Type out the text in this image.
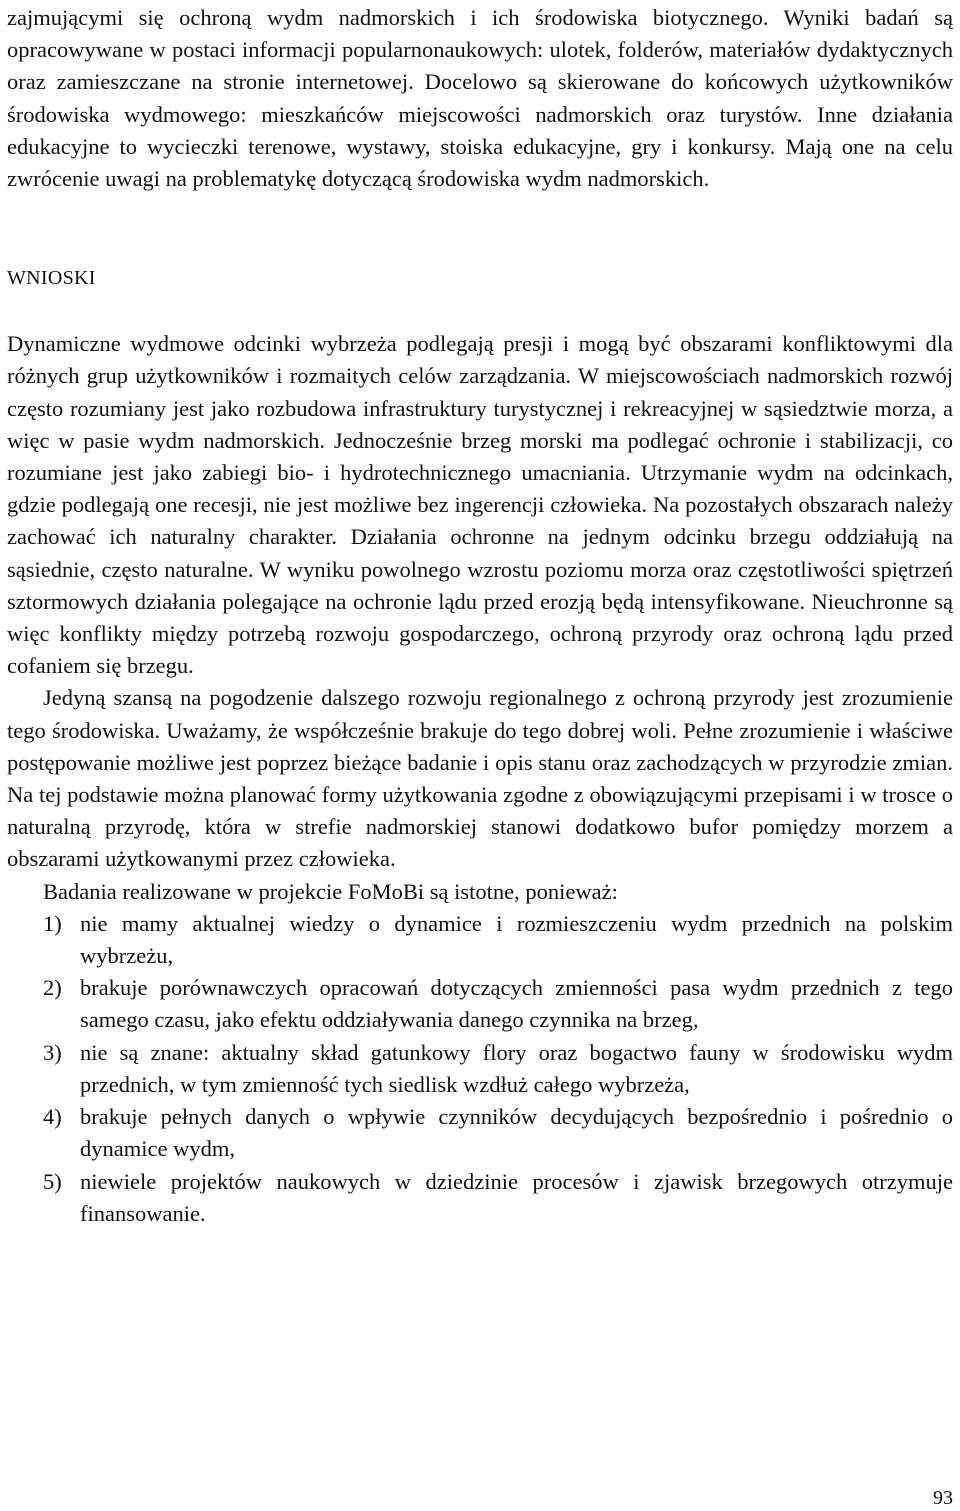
zajmującymi się ochroną wydm nadmorskich i ich środowiska biotycznego. Wyniki badań są opracowywane w postaci informacji popularnonaukowych: ulotek, folderów, materiałów dydaktycznych oraz zamieszczane na stronie internetowej. Docelowo są skierowane do końcowych użytkowników środowiska wydmowego: mieszkańców miejscowości nadmorskich oraz turystów. Inne działania edukacyjne to wycieczki terenowe, wystawy, stoiska edukacyjne, gry i konkursy. Mają one na celu zwrócenie uwagi na problematykę dotyczącą środowiska wydm nadmorskich.

WNIOSKI

Dynamiczne wydmowe odcinki wybrzeża podlegają presji i mogą być obszarami konfliktowymi dla różnych grup użytkowników i rozmaitych celów zarządzania. W miejscowościach nadmorskich rozwój często rozumiany jest jako rozbudowa infrastruktury turystycznej i rekreacyjnej w sąsiedztwie morza, a więc w pasie wydm nadmorskich. Jednocześnie brzeg morski ma podlegać ochronie i stabilizacji, co rozumiane jest jako zabiegi bio- i hydrotechnicznego umacniania. Utrzymanie wydm na odcinkach, gdzie podlegają one recesji, nie jest możliwe bez ingerencji człowieka. Na pozostałych obszarach należy zachować ich naturalny charakter. Działania ochronne na jednym odcinku brzegu oddziałują na sąsiednie, często naturalne. W wyniku powolnego wzrostu poziomu morza oraz częstotliwości spiętrzeń sztormowych działania polegające na ochronie lądu przed erozją będą intensyfikowane. Nieuchronne są więc konflikty między potrzebą rozwoju gospodarczego, ochroną przyrody oraz ochroną lądu przed cofaniem się brzegu.

Jedyną szansą na pogodzenie dalszego rozwoju regionalnego z ochroną przyrody jest zrozumienie tego środowiska. Uważamy, że współcześnie brakuje do tego dobrej woli. Pełne zrozumienie i właściwe postępowanie możliwe jest poprzez bieżące badanie i opis stanu oraz zachodzących w przyrodzie zmian. Na tej podstawie można planować formy użytkowania zgodne z obowiązującymi przepisami i w trosce o naturalną przyrodę, która w strefie nadmorskiej stanowi dodatkowo bufor pomiędzy morzem a obszarami użytkowanymi przez człowieka.

Badania realizowane w projekcie FoMoBi są istotne, ponieważ:

1) nie mamy aktualnej wiedzy o dynamice i rozmieszczeniu wydm przednich na polskim wybrzeżu,
2) brakuje porównawczych opracowań dotyczących zmienności pasa wydm przednich z tego samego czasu, jako efektu oddziaływania danego czynnika na brzeg,
3) nie są znane: aktualny skład gatunkowy flory oraz bogactwo fauny w środowisku wydm przednich, w tym zmienność tych siedlisk wzdłuż całego wybrzeża,
4) brakuje pełnych danych o wpływie czynników decydujących bezpośrednio i pośrednio o dynamice wydm,
5) niewiele projektów naukowych w dziedzinie procesów i zjawisk brzegowych otrzymuje finansowanie.
93
